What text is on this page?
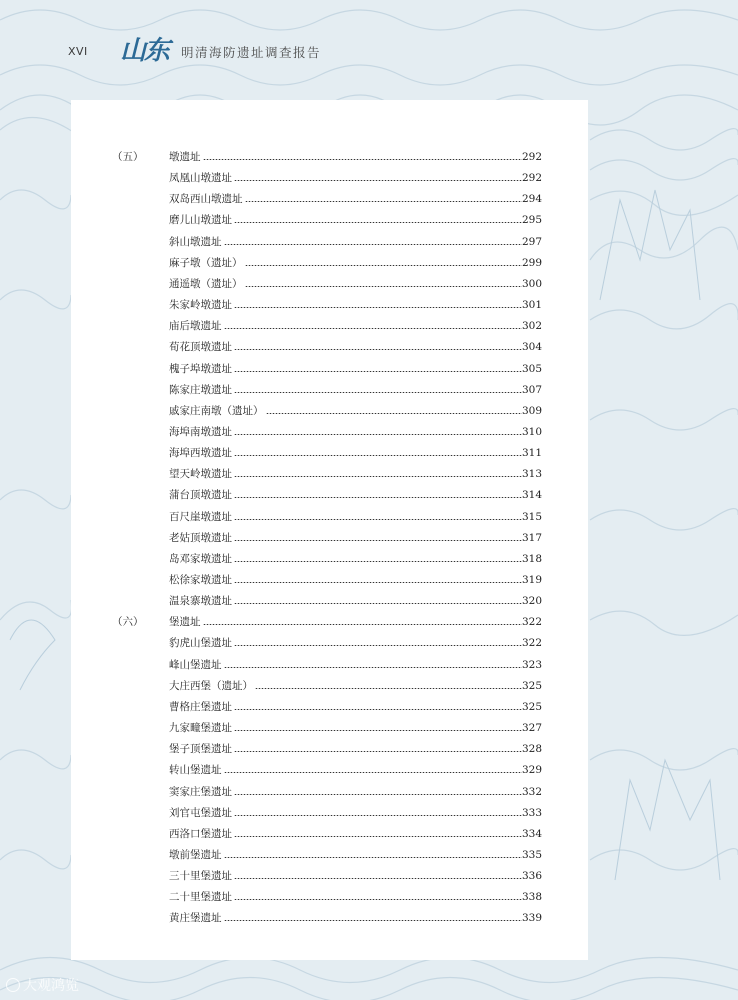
XVI 山东 明清海防遗址调查报告
（五） 墩遗址	292
凤凰山墩遗址	292
双岛西山墩遗址	294
磨儿山墩遗址	295
斜山墩遗址	297
麻子墩（遗址）	299
通遥墩（遗址）	300
朱家岭墩遗址	301
庙后墩遗址	302
荀花顶墩遗址	304
槐子埠墩遗址	305
陈家庄墩遗址	307
戚家庄南墩（遗址）	309
海埠南墩遗址	310
海埠西墩遗址	311
望天岭墩遗址	313
蒲台顶墩遗址	314
百尺崖墩遗址	315
老姑顶墩遗址	317
岛邓家墩遗址	318
松徐家墩遗址	319
温泉寨墩遗址	320
（六） 堡遗址	322
豹虎山堡遗址	322
峰山堡遗址	323
大庄西堡（遗址）	325
曹格庄堡遗址	325
九家疃堡遗址	327
堡子顶堡遗址	328
转山堡遗址	329
窦家庄堡遗址	332
刘官屯堡遗址	333
西洛口堡遗址	334
墩前堡遗址	335
三十里堡遗址	336
二十里堡遗址	338
黄庄堡遗址	339
大观鸿览
